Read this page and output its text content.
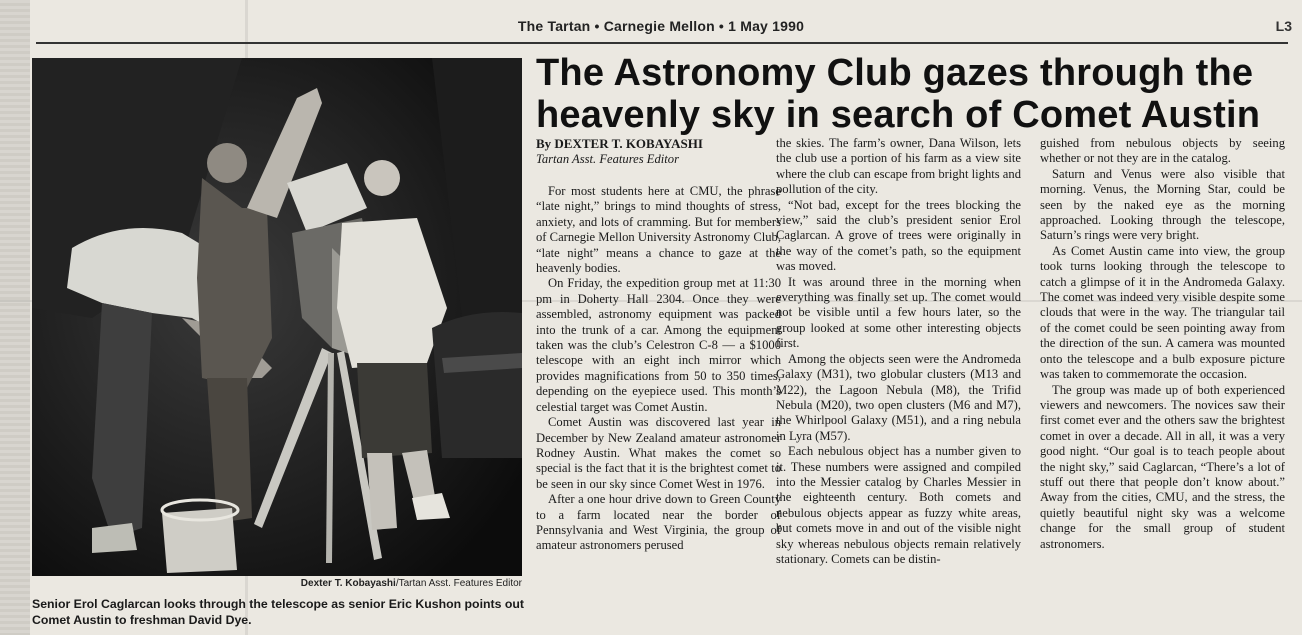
The Tartan • Carnegie Mellon • 1 May 1990	L3
Dexter T. Kobayashi/Tartan Asst. Features Editor
Senior Erol Caglarcan looks through the telescope as senior Eric Kushon points out
Comet Austin to freshman David Dye.
The Astronomy Club gazes through the
heavenly sky in search of Comet Austin
By DEXTER T. KOBAYASHI
Tartan Asst. Features Editor

For most students here at CMU, the phrase “late night,” brings to mind thoughts of stress, anxiety, and lots of cramming. But for members of Carnegie Mellon University Astronomy Club, “late night” means a chance to gaze at the heavenly bodies.

On Friday, the expedition group met at 11:30 pm in Doherty Hall 2304. Once they were assembled, astronomy equipment was packed into the trunk of a car. Among the equipment taken was the club’s Celestron C-8 — a $1000 telescope with an eight inch mirror which provides magnifications from 50 to 350 times, depending on the eyepiece used. This month’s celestial target was Comet Austin.

Comet Austin was discovered last year in December by New Zealand amateur astronomer Rodney Austin. What makes the comet so special is the fact that it is the brightest comet to be seen in our sky since Comet West in 1976.

After a one hour drive down to Green County to a farm located near the border of Pennsylvania and West Virginia, the group of amateur astronomers perused

the skies. The farm’s owner, Dana Wilson, lets the club use a portion of his farm as a view site where the club can escape from bright lights and pollution of the city.

“Not bad, except for the trees blocking the view,” said the club’s president senior Erol Caglarcan. A grove of trees were originally in the way of the comet’s path, so the equipment was moved.

It was around three in the morning when everything was finally set up. The comet would not be visible until a few hours later, so the group looked at some other interesting objects first.

Among the objects seen were the Andromeda Galaxy (M31), two globular clusters (M13 and M22), the Lagoon Nebula (M8), the Trifid Nebula (M20), two open clusters (M6 and M7), the Whirlpool Galaxy (M51), and a ring nebula in Lyra (M57).

Each nebulous object has a number given to it. These numbers were assigned and compiled into the Messier catalog by Charles Messier in the eighteenth century. Both comets and nebulous objects appear as fuzzy white areas, but comets move in and out of the visible night sky whereas nebulous objects remain relatively stationary. Comets can be distin-

guished from nebulous objects by seeing whether or not they are in the catalog.

Saturn and Venus were also visible that morning. Venus, the Morning Star, could be seen by the naked eye as the morning approached. Looking through the telescope, Saturn’s rings were very bright.

As Comet Austin came into view, the group took turns looking through the telescope to catch a glimpse of it in the Andromeda Galaxy. The comet was indeed very visible despite some clouds that were in the way. The triangular tail of the comet could be seen pointing away from the direction of the sun. A camera was mounted onto the telescope and a bulb exposure picture was taken to commemorate the occasion.

The group was made up of both experienced viewers and newcomers. The novices saw their first comet ever and the others saw the brightest comet in over a decade. All in all, it was a very good night. “Our goal is to teach people about the night sky,” said Caglarcan, “There’s a lot of stuff out there that people don’t know about.” Away from the cities, CMU, and the stress, the quietly beautiful night sky was a welcome change for the small group of student astronomers.
